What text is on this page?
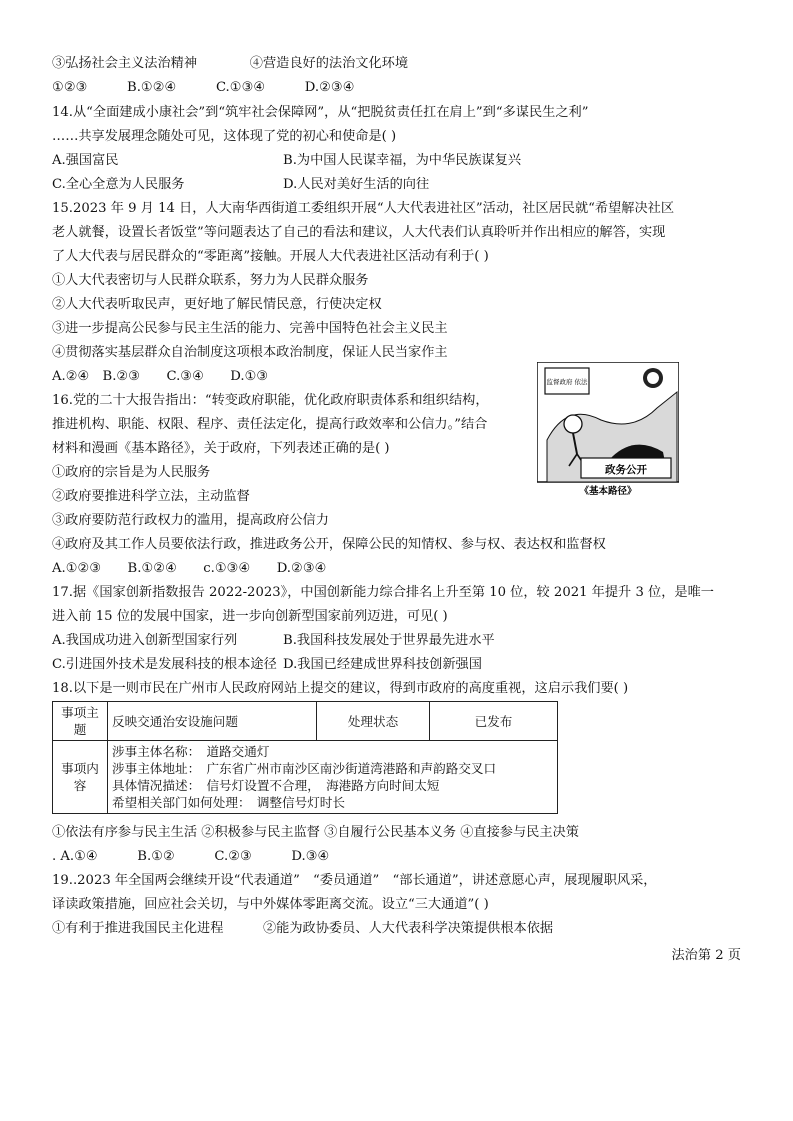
③弘扬社会主义法治精神　　　　④营造良好的法治文化环境
①②③　　　B.①②④　　　C.①③④　　　D.②③④
14.从“全面建成小康社会”到“筑牢社会保障网”，从“把脱贫责任扛在肩上”到“多谋民生之利”
……共享发展理念随处可见，这体现了党的初心和使命是( )
A.强国富民	B.为中国人民谋幸福，为中华民族谋复兴
C.全心全意为人民服务	D.人民对美好生活的向往
15.2023 年 9 月 14 日，人大南华西街道工委组织开展“人大代表进社区”活动，社区居民就“希望解决社区
老人就餐，设置长者饭堂”等问题表达了自己的看法和建议，人大代表们认真聆听并作出相应的解答，实现
了人大代表与居民群众的“零距离”接触。开展人大代表进社区活动有利于( )
①人大代表密切与人民群众联系，努力为人民群众服务
②人大代表听取民声，更好地了解民情民意，行使决定权
③进一步提高公民参与民主生活的能力、完善中国特色社会主义民主
④贯彻落实基层群众自治制度这项根本政治制度，保证人民当家作主
A.②④　B.②③　　C.③④　　D.①③
16.党的二十大报告指出：“转变政府职能，优化政府职责体系和组织结构，
推进机构、职能、权限、程序、责任法定化，提高行政效率和公信力。”结合
材料和漫画《基本路径》，关于政府，下列表述正确的是( )
①政府的宗旨是为人民服务
②政府要推进科学立法，主动监督
③政府要防范行政权力的滥用，提高政府公信力
④政府及其工作人员要依法行政，推进政务公开，保障公民的知情权、参与权、表达权和监督权
A.①②③　　B.①②④　　c.①③④　　D.②③④
监督政府 依法
政务公开
《基本路径》
17.据《国家创新指数报告 2022-2023》，中国创新能力综合排名上升至第 10 位，较 2021 年提升 3 位，是唯一
进入前 15 位的发展中国家，进一步向创新型国家前列迈进，可见( )
A.我国成功进入创新型国家行列	B.我国科技发展处于世界最先进水平
C.引进国外技术是发展科技的根本途径 D.我国已经建成世界科技创新强国
18.以下是一则市民在广州市人民政府网站上提交的建议，得到市政府的高度重视，这启示我们要( )
事项主题	反映交通治安设施问题	处理状态	已发布
事项内容	涉事主体名称：　道路交通灯
涉事主体地址：　广东省广州市南沙区南沙街道湾港路和声韵路交叉口
具体情况描述：　信号灯设置不合理，　海港路方向时间太短
希望相关部门如何处理：　调整信号灯时长		
①依法有序参与民主生活 ②积极参与民主监督 ③自履行公民基本义务 ④直接参与民主决策
. A.①④　　　B.①②　　　C.②③　　　D.③④
19..2023 年全国两会继续开设“代表通道”　“委员通道”　“部长通道”，讲述意愿心声，展现履职风采，
译读政策措施，回应社会关切，与中外媒体零距离交流。设立“三大通道”( )
①有利于推进我国民主化进程　　　②能为政协委员、人大代表科学决策提供根本依据
法治第 2 页
